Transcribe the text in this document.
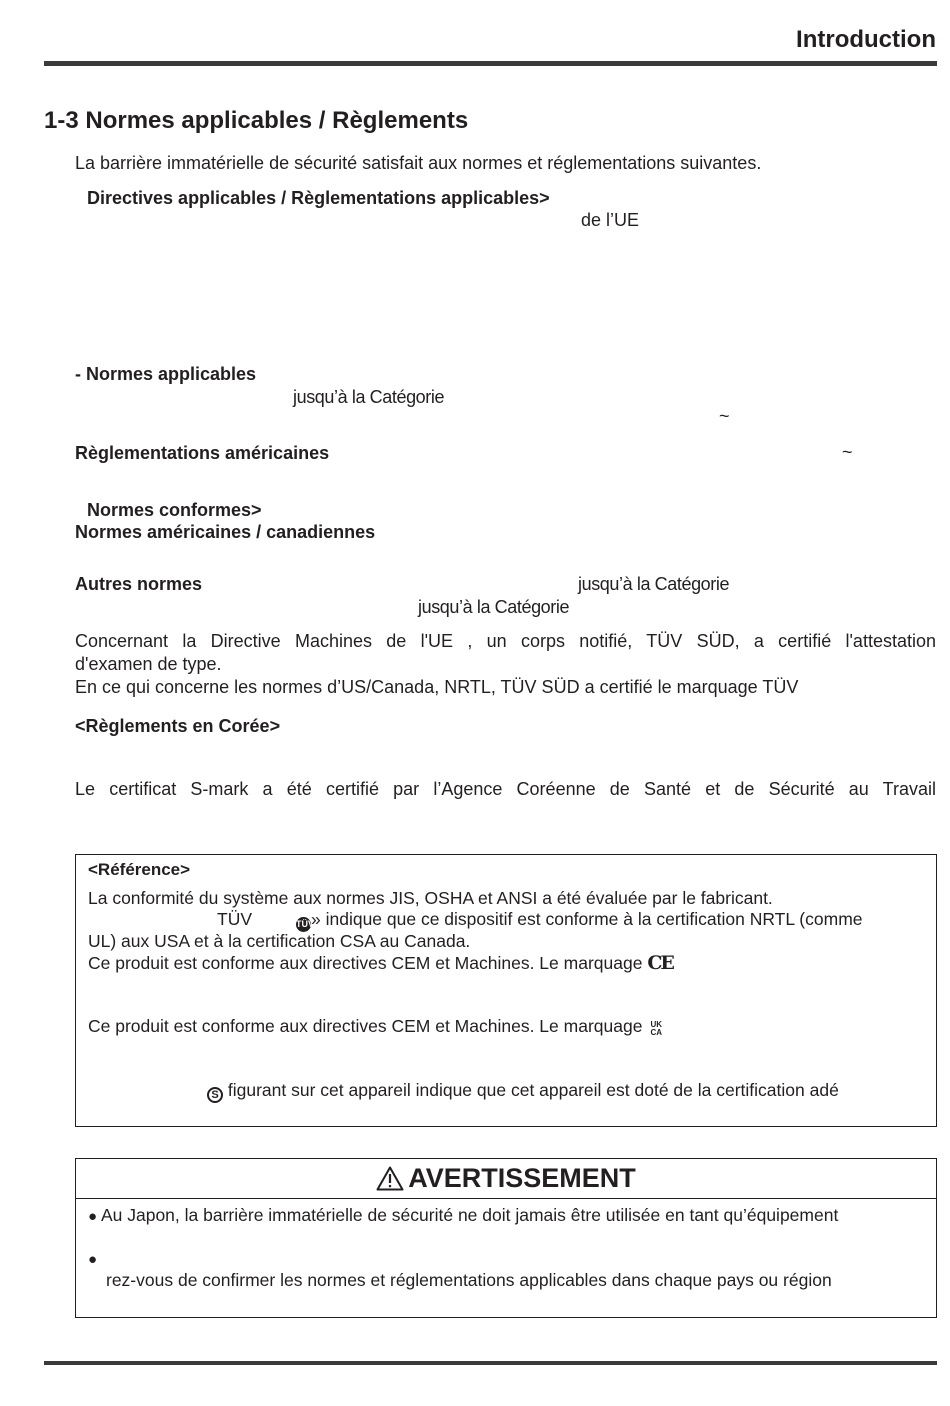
Introduction
1-3 Normes applicables / Règlements
La barrière immatérielle de sécurité satisfait aux normes et réglementations suivantes.
Directives applicables / Règlementations applicables>
de l’UE
- Normes applicables
jusqu’à la Catégorie
~
Règlementations américaines	~
Normes conformes>
Normes américaines / canadiennes
Autres normes	jusqu’à la Catégorie
jusqu’à la Catégorie
Concernant la Directive Machines de l'UE , un corps notifié, TÜV SÜD, a certifié l'attestation
d'examen de type.
En ce qui concerne les normes d’US/Canada, NRTL, TÜV SÜD a certifié le marquage TÜV
<Règlements en Corée>
Le certificat S-mark a été certifié par l’Agence Coréenne de Santé et de Sécurité au Travail
<Référence>
La conformité du système aux normes JIS, OSHA et ANSI a été évaluée par le fabricant.
TÜV	TÜV» indique que ce dispositif est conforme à la certification NRTL (comme
UL) aux USA et à la certification CSA au Canada.
Ce produit est conforme aux directives CEM et Machines. Le marquage CE
Ce produit est conforme aux directives CEM et Machines. Le marquage UK
CA
S figurant sur cet appareil indique que cet appareil est doté de la certification adé
AVERTISSEMENT
● Au Japon, la barrière immatérielle de sécurité ne doit jamais être utilisée en tant qu’équipement
●
rez-vous de confirmer les normes et réglementations applicables dans chaque pays ou région
